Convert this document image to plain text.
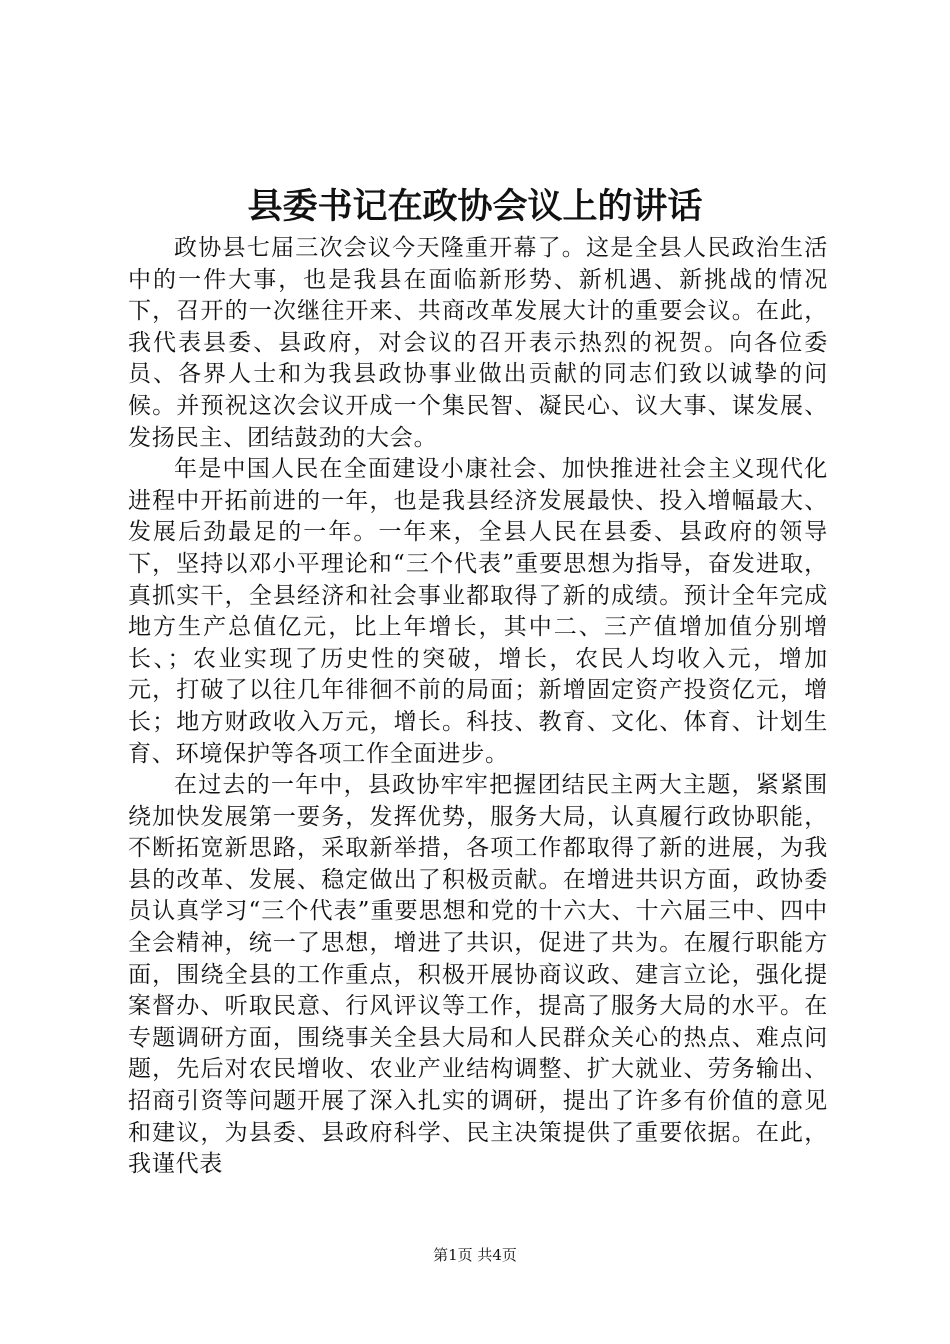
县委书记在政协会议上的讲话

政协县七届三次会议今天隆重开幕了。这是全县人民政治生活中的一件大事，也是我县在面临新形势、新机遇、新挑战的情况下，召开的一次继往开来、共商改革发展大计的重要会议。在此，我代表县委、县政府，对会议的召开表示热烈的祝贺。向各位委员、各界人士和为我县政协事业做出贡献的同志们致以诚挚的问候。并预祝这次会议开成一个集民智、凝民心、议大事、谋发展、发扬民主、团结鼓劲的大会。

年是中国人民在全面建设小康社会、加快推进社会主义现代化进程中开拓前进的一年，也是我县经济发展最快、投入增幅最大、发展后劲最足的一年。一年来，全县人民在县委、县政府的领导下，坚持以邓小平理论和“三个代表”重要思想为指导，奋发进取，真抓实干，全县经济和社会事业都取得了新的成绩。预计全年完成地方生产总值亿元，比上年增长，其中二、三产值增加值分别增长、；农业实现了历史性的突破，增长，农民人均收入元，增加元，打破了以往几年徘徊不前的局面；新增固定资产投资亿元，增长；地方财政收入万元，增长。科技、教育、文化、体育、计划生育、环境保护等各项工作全面进步。

在过去的一年中，县政协牢牢把握团结民主两大主题，紧紧围绕加快发展第一要务，发挥优势，服务大局，认真履行政协职能，不断拓宽新思路，采取新举措，各项工作都取得了新的进展，为我县的改革、发展、稳定做出了积极贡献。在增进共识方面，政协委员认真学习“三个代表”重要思想和党的十六大、十六届三中、四中全会精神，统一了思想，增进了共识，促进了共为。在履行职能方面，围绕全县的工作重点，积极开展协商议政、建言立论，强化提案督办、听取民意、行风评议等工作，提高了服务大局的水平。在专题调研方面，围绕事关全县大局和人民群众关心的热点、难点问题，先后对农民增收、农业产业结构调整、扩大就业、劳务输出、招商引资等问题开展了深入扎实的调研，提出了许多有价值的意见和建议，为县委、县政府科学、民主决策提供了重要依据。在此，我谨代表

第1页 共4页
